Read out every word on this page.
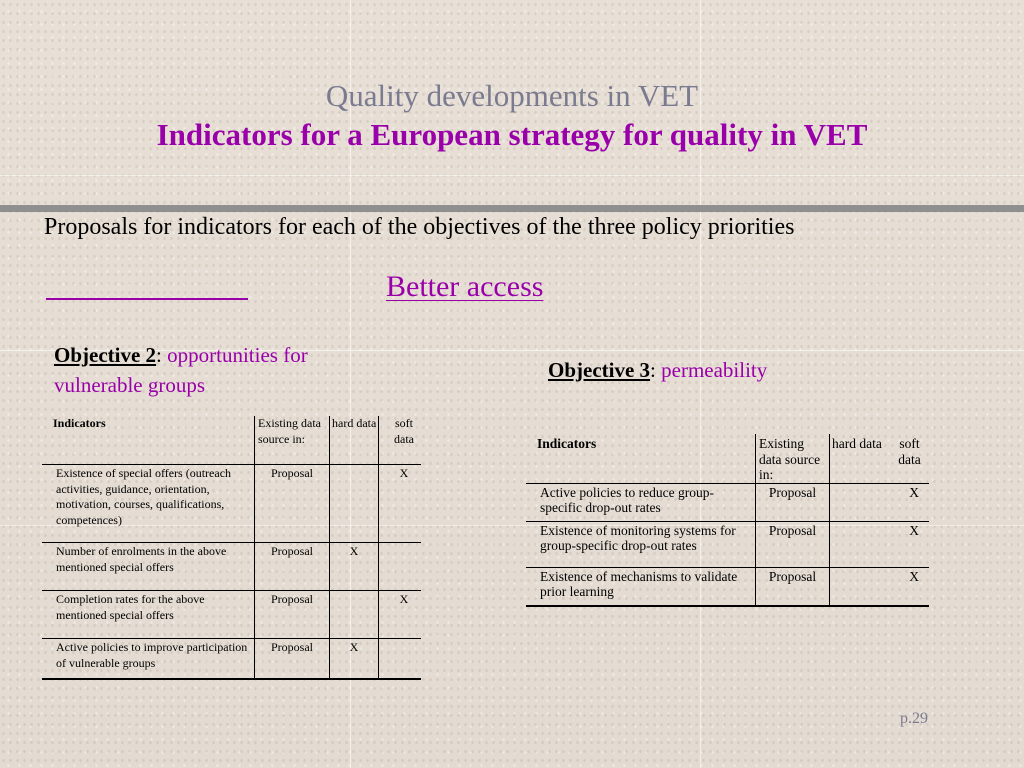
Quality developments in VET
Indicators for a European strategy for quality in VET
Proposals for indicators for each of the objectives of the three policy priorities
Better access
Objective 2: opportunities for vulnerable groups
Objective 3: permeability
Indicators	Existing data source in:	hard data	soft data
Existence of special offers (outreach activities, guidance, orientation, motivation, courses, qualifications, competences)	Proposal		X
Number of enrolments in the above mentioned special offers	Proposal	X	
Completion rates for the above mentioned special offers	Proposal		X
Active policies to improve participation of vulnerable groups	Proposal	X	
Indicators	Existing data source in:	hard data	soft data
Active policies to reduce group-specific drop-out rates	Proposal		X
Existence of monitoring systems for group-specific drop-out rates	Proposal		X
Existence of mechanisms to validate prior learning	Proposal		X
p.29
